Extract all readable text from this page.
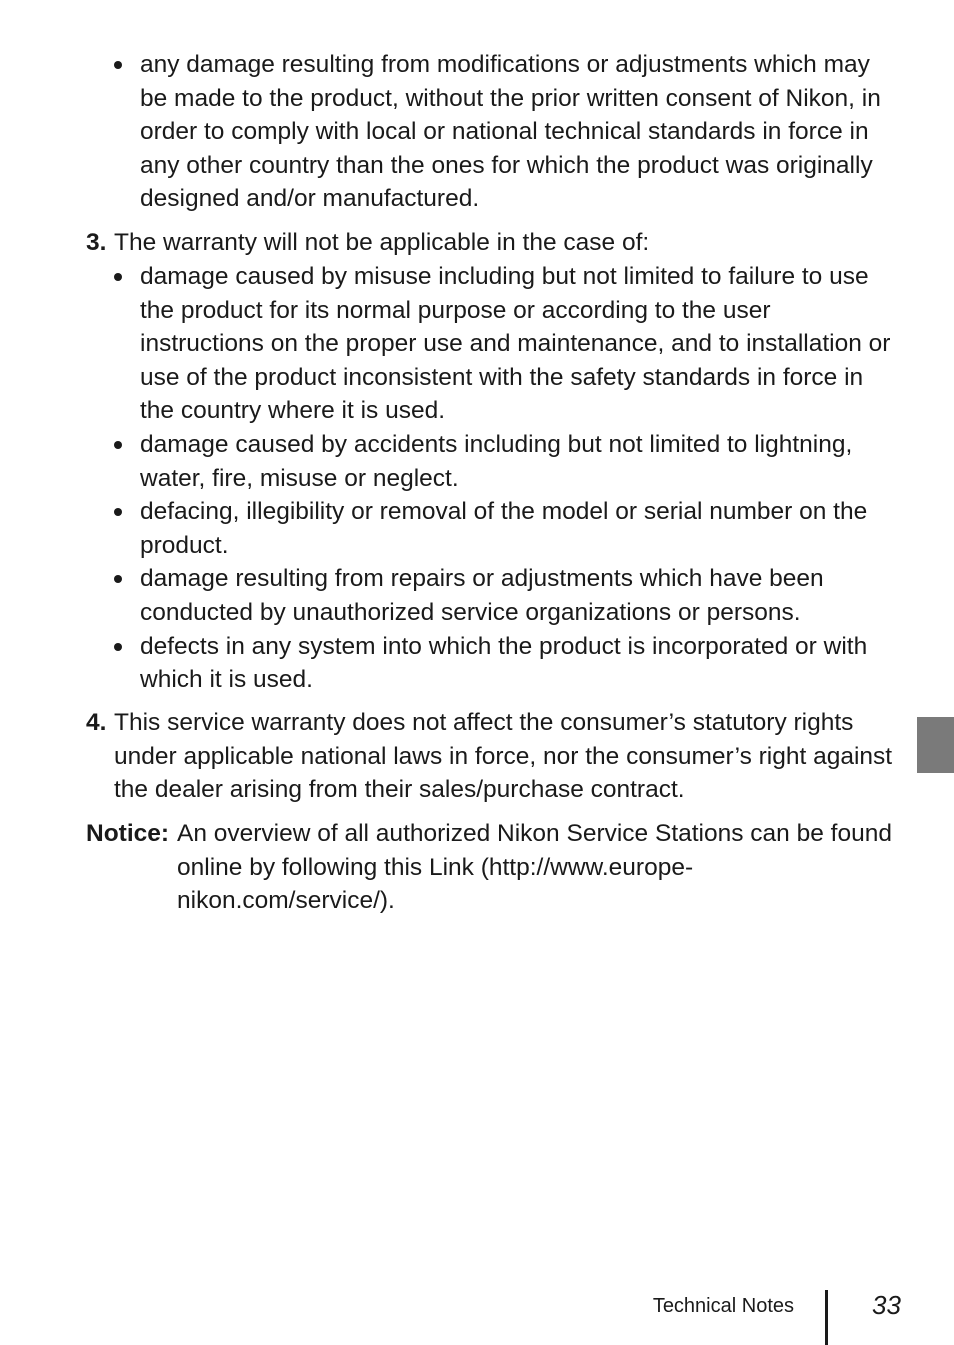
any damage resulting from modifications or adjustments which may be made to the product, without the prior written consent of Nikon, in order to comply with local or national technical standards in force in any other country than the ones for which the product was originally designed and/or manufactured.
3. The warranty will not be applicable in the case of:
damage caused by misuse including but not limited to failure to use the product for its normal purpose or according to the user instructions on the proper use and maintenance, and to installation or use of the product inconsistent with the safety standards in force in the country where it is used.
damage caused by accidents including but not limited to lightning, water, fire, misuse or neglect.
defacing, illegibility or removal of the model or serial number on the product.
damage resulting from repairs or adjustments which have been conducted by unauthorized service organizations or persons.
defects in any system into which the product is incorporated or with which it is used.
4. This service warranty does not affect the consumer’s statutory rights under applicable national laws in force, nor the consumer’s right against the dealer arising from their sales/purchase contract.
Notice: An overview of all authorized Nikon Service Stations can be found online by following this Link (http://www.europe-nikon.com/service/).
Technical Notes	33
